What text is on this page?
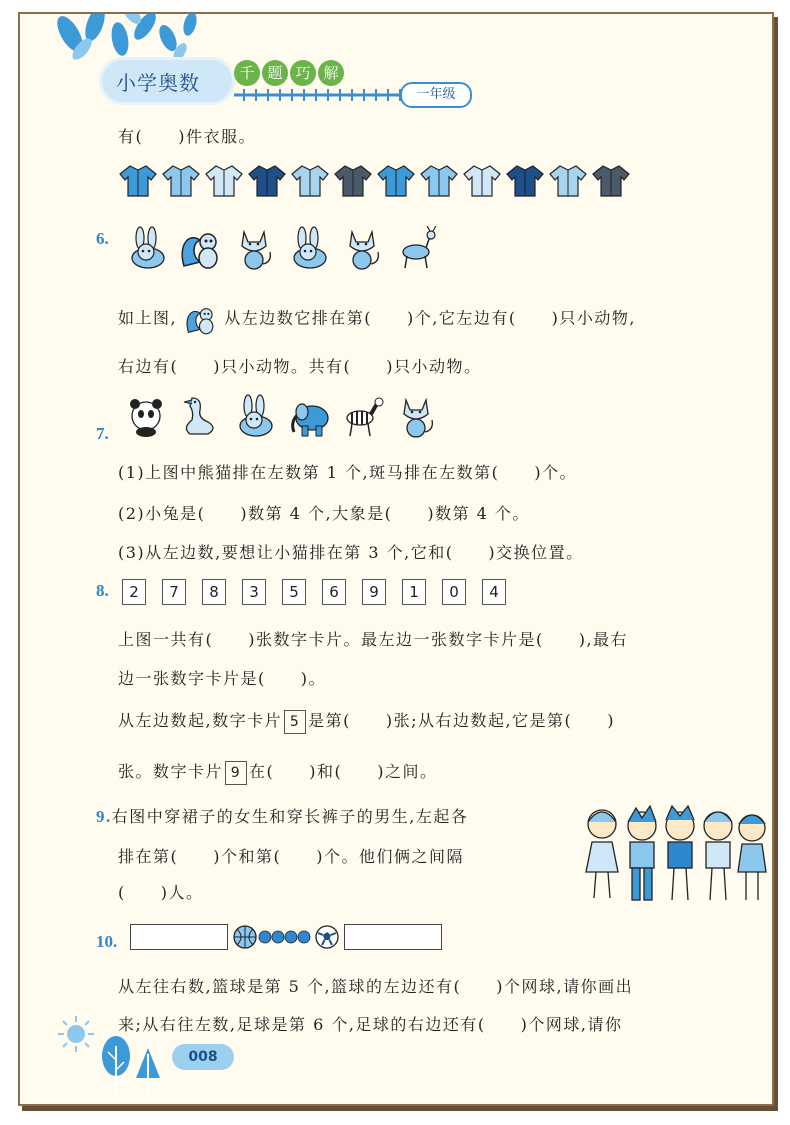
小学奥数	千 题 巧 解
一年级
有(　　)件衣服。
6.
如上图,	从左边数它排在第(　　)个,它左边有(　　)只小动物,
右边有(　　)只小动物。共有(　　)只小动物。
7.
(1)上图中熊猫排在左数第 1 个,斑马排在左数第(　　)个。
(2)小兔是(　　)数第 4 个,大象是(　　)数第 4 个。
(3)从左边数,要想让小猫排在第 3 个,它和(　　)交换位置。
8.	2 7 8 3 5 6 9 1 0 4
上图一共有(　　)张数字卡片。最左边一张数字卡片是(　　),最右
边一张数字卡片是(　　)。
从左边数起,数字卡片 5 是第(　　)张;从右边数起,它是第(　　)
张。数字卡片 9 在(　　)和(　　)之间。
9.右图中穿裙子的女生和穿长裤子的男生,左起各
排在第(　　)个和第(　　)个。他们俩之间隔
(　　)人。
10.
从左往右数,篮球是第 5 个,篮球的左边还有(　　)个网球,请你画出
来;从右往左数,足球是第 6 个,足球的右边还有(　　)个网球,请你
008
